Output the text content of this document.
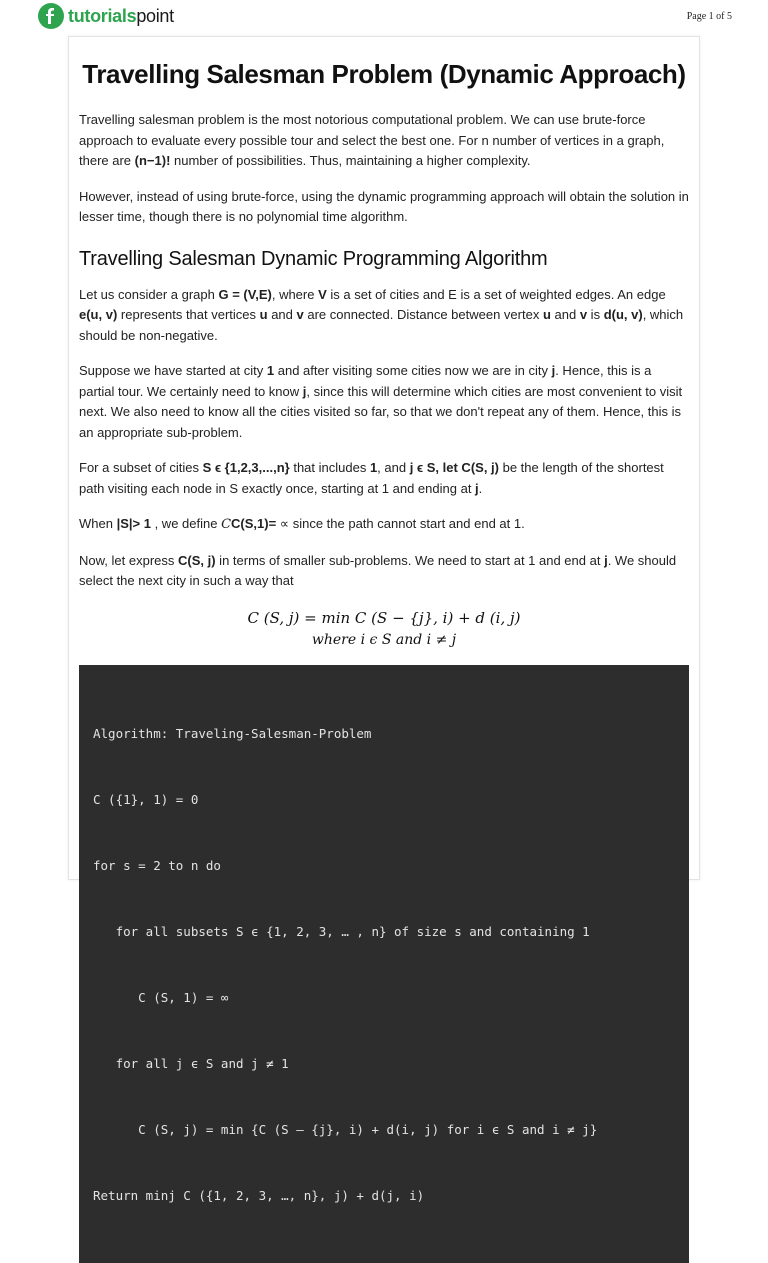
tutorialspoint	Page 1 of 5
Travelling Salesman Problem (Dynamic Approach)

Travelling salesman problem is the most notorious computational problem. We can use brute-force approach to evaluate every possible tour and select the best one. For n number of vertices in a graph, there are (n−1)! number of possibilities. Thus, maintaining a higher complexity.

However, instead of using brute-force, using the dynamic programming approach will obtain the solution in lesser time, though there is no polynomial time algorithm.

Travelling Salesman Dynamic Programming Algorithm

Let us consider a graph G = (V,E), where V is a set of cities and E is a set of weighted edges. An edge e(u, v) represents that vertices u and v are connected. Distance between vertex u and v is d(u, v), which should be non-negative.

Suppose we have started at city 1 and after visiting some cities now we are in city j. Hence, this is a partial tour. We certainly need to know j, since this will determine which cities are most convenient to visit next. We also need to know all the cities visited so far, so that we don't repeat any of them. Hence, this is an appropriate sub-problem.

For a subset of cities S ϵ {1,2,3,...,n} that includes 1, and j ϵ S, let C(S, j) be the length of the shortest path visiting each node in S exactly once, starting at 1 and ending at j.

When |S|> 1 , we define CC(S,1)= ∝ since the path cannot start and end at 1.

Now, let express C(S, j) in terms of smaller sub-problems. We need to start at 1 and end at j. We should select the next city in such a way that

C (S, j) = min C (S − {j}, i) + d (i, j)
where i ϵ S and i ≠ j

Algorithm: Traveling-Salesman-Problem

C ({1}, 1) = 0

for s = 2 to n do

for all subsets S ϵ {1, 2, 3, … , n} of size s and containing 1

C (S, 1) = ∞

for all j ϵ S and j ≠ 1

C (S, j) = min {C (S – {j}, i) + d(i, j) for i ϵ S and i ≠ j}

Return minj C ({1, 2, 3, …, n}, j) + d(j, i)
